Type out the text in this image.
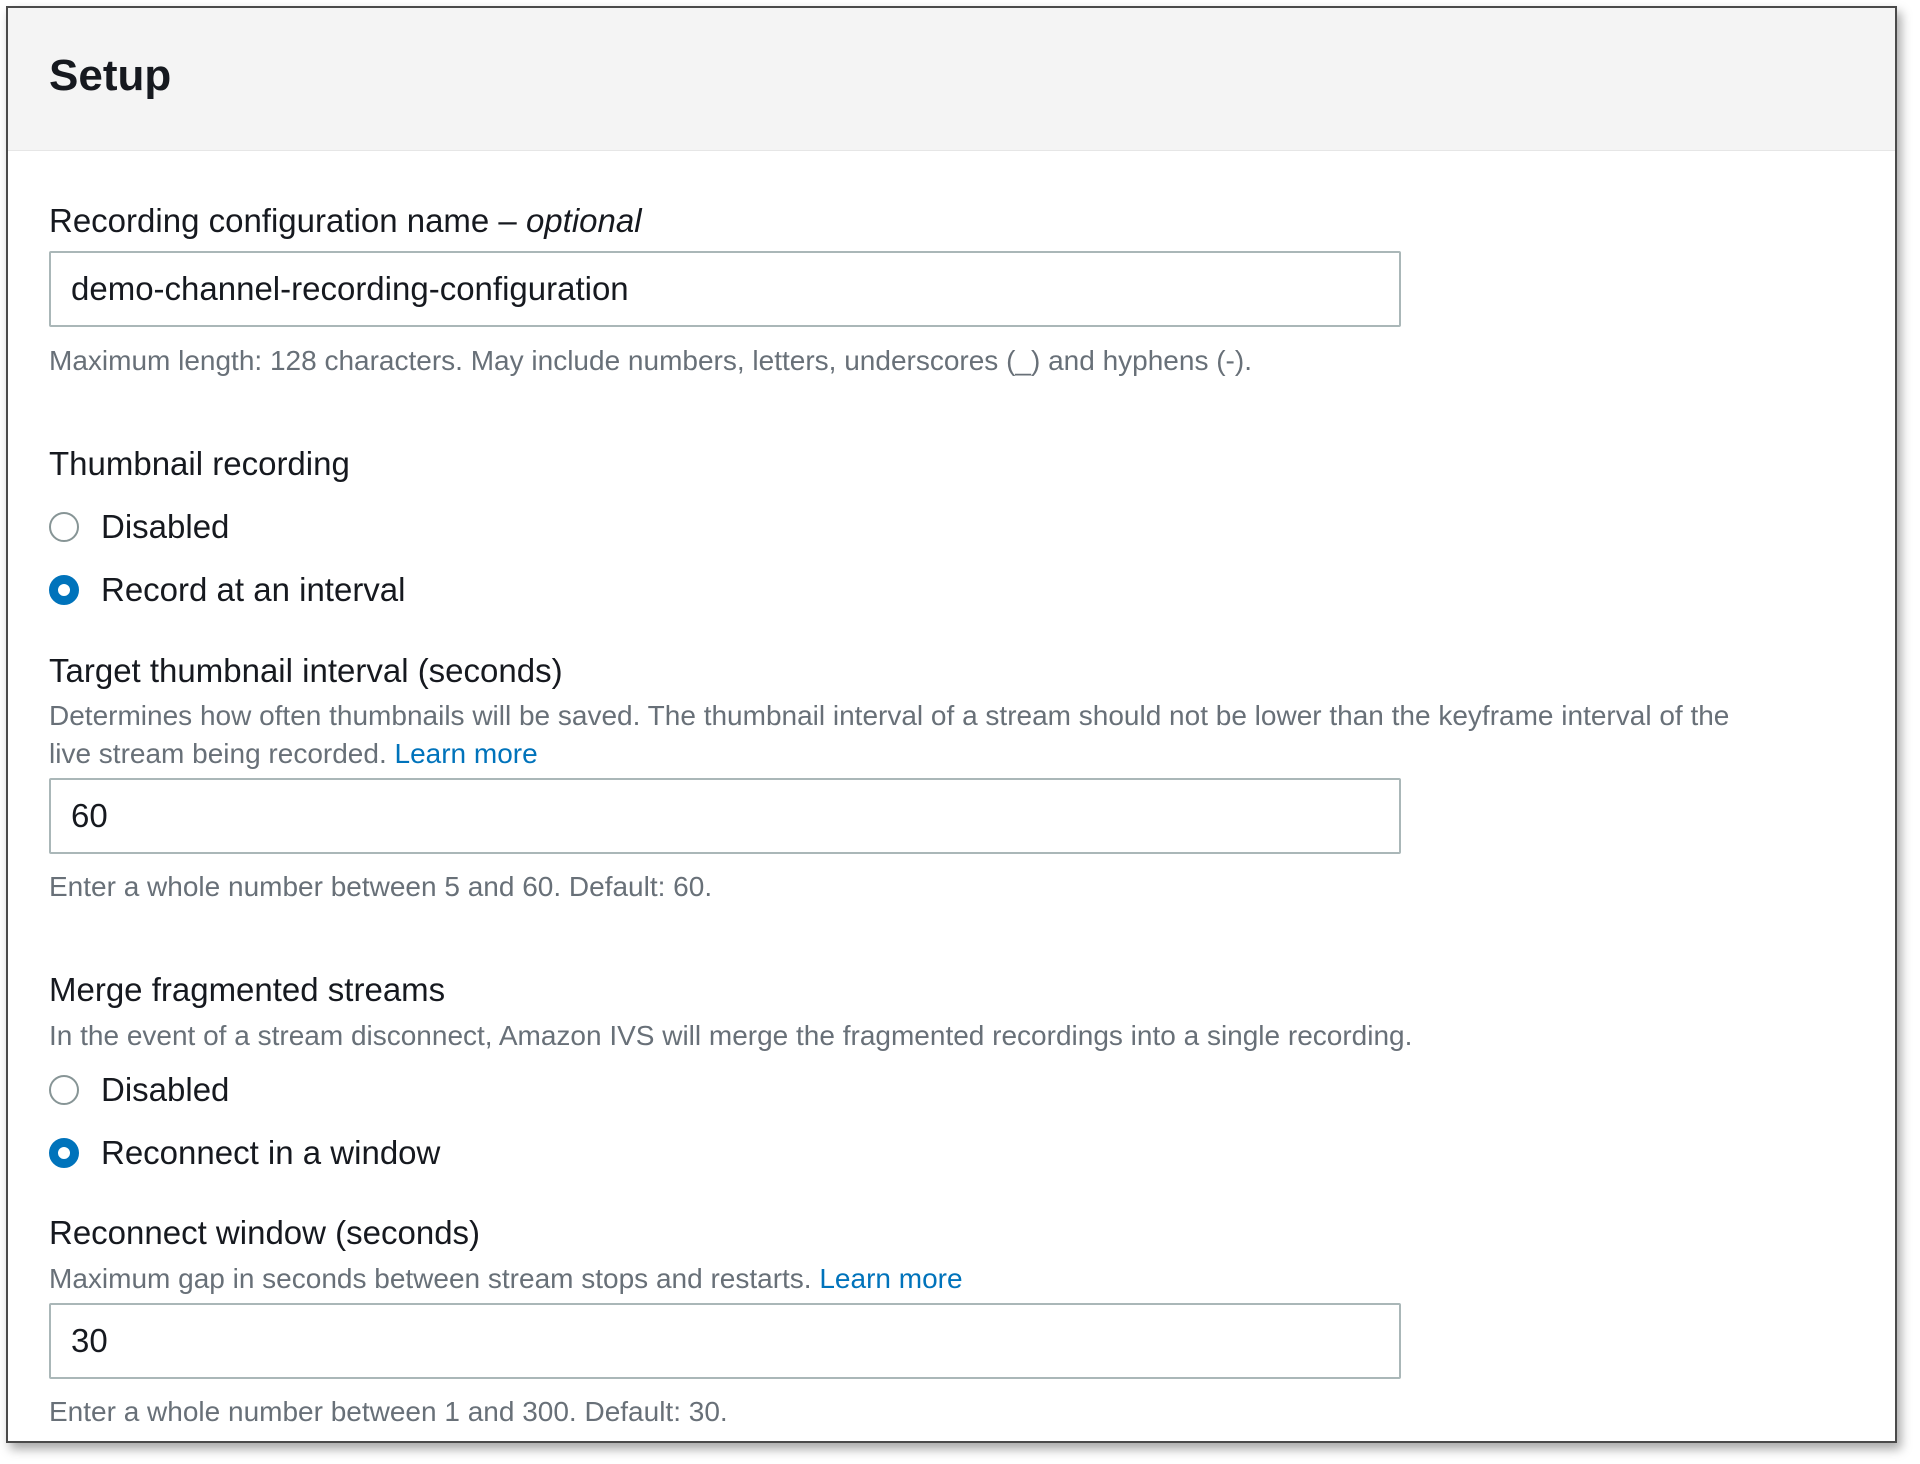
Setup
Recording configuration name – optional
demo-channel-recording-configuration
Maximum length: 128 characters. May include numbers, letters, underscores (_) and hyphens (-).
Thumbnail recording
Disabled
Record at an interval
Target thumbnail interval (seconds)
Determines how often thumbnails will be saved. The thumbnail interval of a stream should not be lower than the keyframe interval of the
live stream being recorded. Learn more
60
Enter a whole number between 5 and 60. Default: 60.
Merge fragmented streams
In the event of a stream disconnect, Amazon IVS will merge the fragmented recordings into a single recording.
Disabled
Reconnect in a window
Reconnect window (seconds)
Maximum gap in seconds between stream stops and restarts. Learn more
30
Enter a whole number between 1 and 300. Default: 30.
